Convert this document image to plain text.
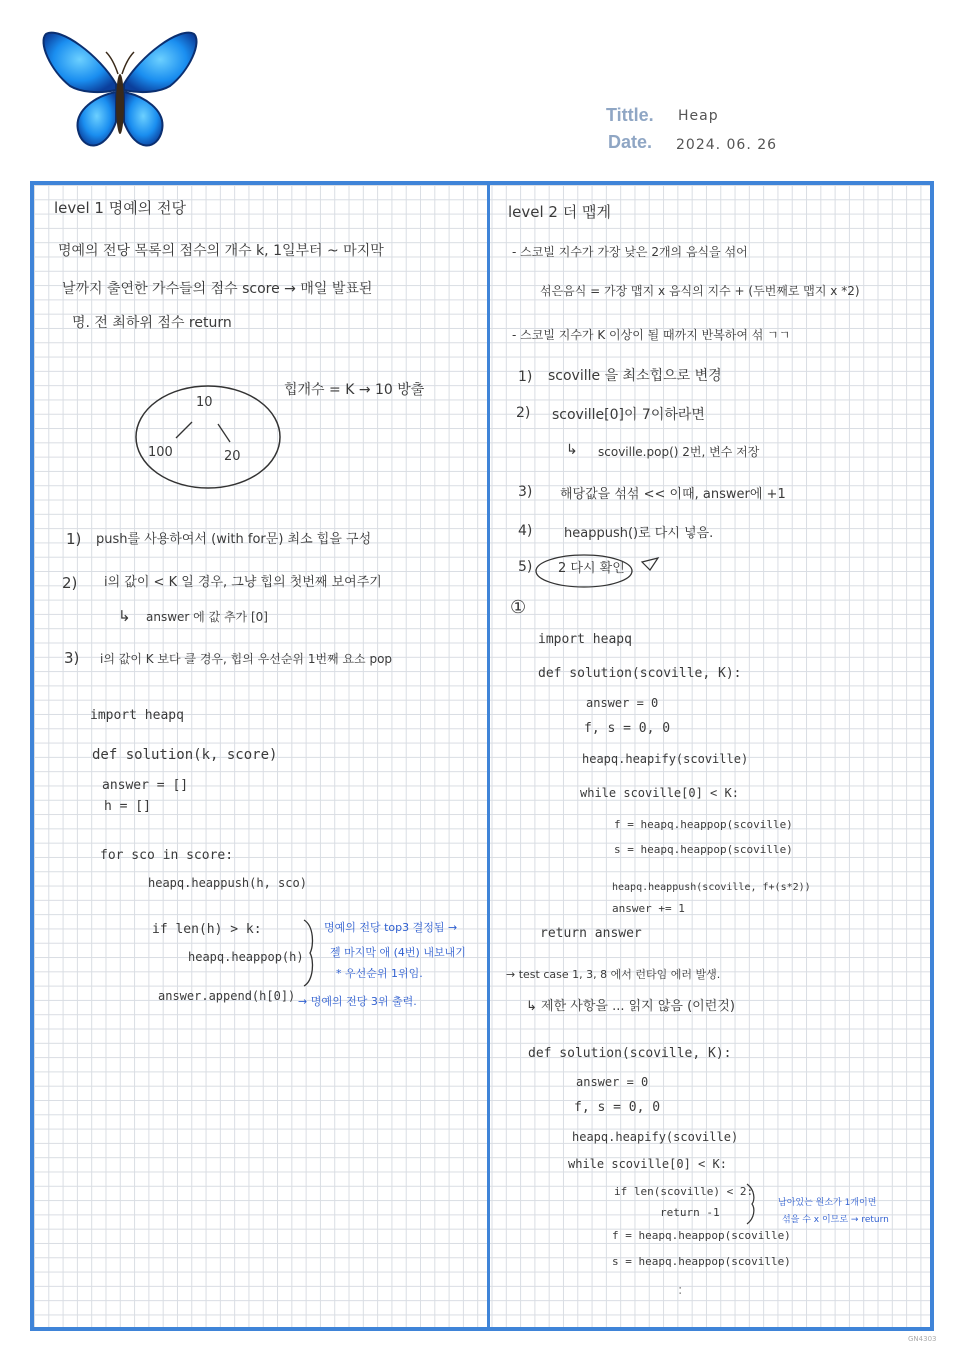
Tittle. Heap
Date. 2024. 06. 26
level 1 명예의 전당
명예의 전당 목록의 점수의 개수 k, 1일부터 ~ 마지막
날까지 출연한 가수들의 점수 score → 매일 발표된
명. 전 최하위 점수 return
10
100	20
힙개수 = K → 10 방출
1) push를 사용하여서 (with for문) 최소 힙을 구성
2) i의 값이 < K 일 경우, 그냥 힙의 첫번째 보여주기
↳ answer 에 값 추가 [0]
3) i의 값이 K 보다 클 경우, 힙의 우선순위 1번째 요소 pop
import heapq
def solution(k, score)
answer = []
h = []
for sco in score:
heapq.heappush(h, sco)
if len(h) > k:
heapq.heappop(h)
answer.append(h[0])
명예의 전당 top3 결정됨 →
젤 마지막 애 (4번) 내보내기
* 우선순위 1위임.
→ 명예의 전당 3위 출력.
level 2 더 맵게
- 스코빌 지수가 가장 낮은 2개의 음식을 섞어
섞은음식 = 가장 맵지 x 음식의 지수 + (두번째로 맵지 x *2)
- 스코빌 지수가 K 이상이 될 때까지 반복하여 섞 ㄱㄱ
1) scoville 을 최소힙으로 변경
2) scoville[0]이 7이하라면
↳ scoville.pop() 2번, 변수 저장
3) 해당값을 섞섞 << 이때, answer에 +1
4) heappush()로 다시 넣음.
5) 2 다시 확인
①
import heapq
def solution(scoville, K):
answer = 0
f, s = 0, 0
heapq.heapify(scoville)
while scoville[0] < K:
f = heapq.heappop(scoville)
s = heapq.heappop(scoville)
heapq.heappush(scoville, f+(s*2))
answer += 1
return answer
→ test case 1, 3, 8 에서 런타임 에러 발생.
↳ 제한 사항을 ... 읽지 않음 (이런것)
def solution(scoville, K):
answer = 0
f, s = 0, 0
heapq.heapify(scoville)
while scoville[0] < K:
if len(scoville) < 2:
return -1
f = heapq.heappop(scoville)
s = heapq.heappop(scoville)
남아있는 원소가 1개이면
섞을 수 x 이므로 → return
:
GN4303
